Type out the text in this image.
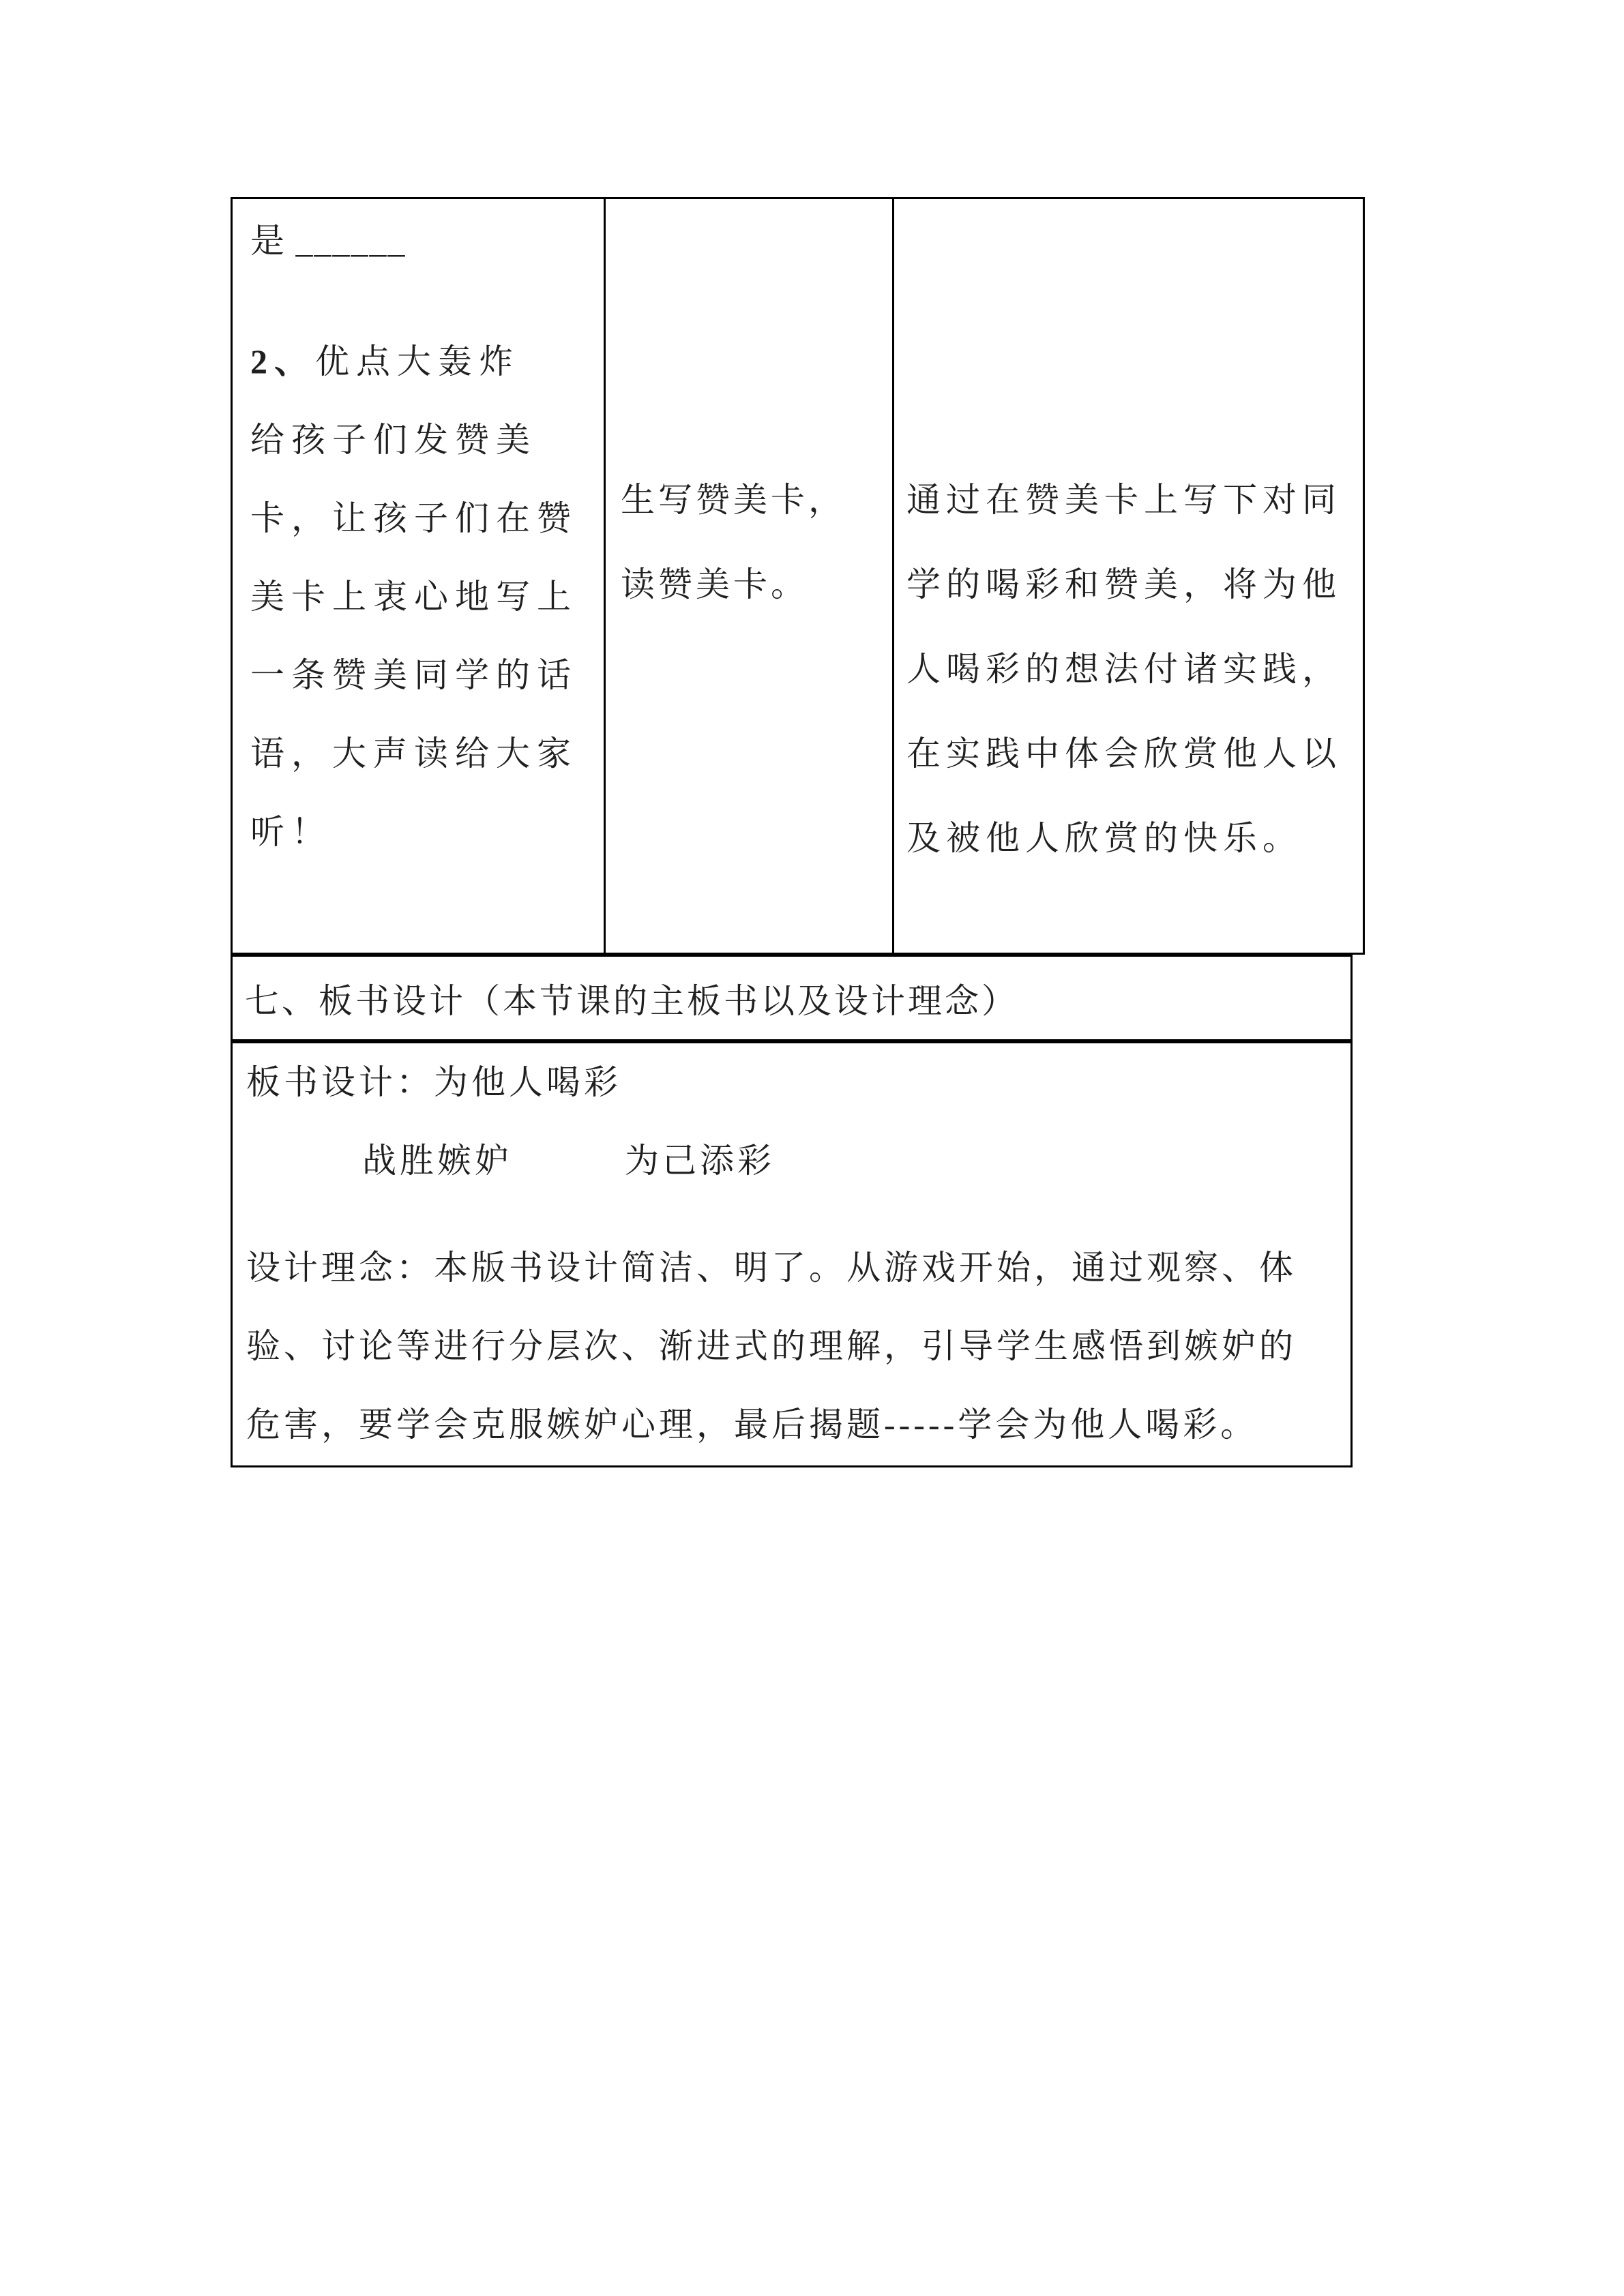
是 ______
2、优点大轰炸
给孩子们发赞美
卡，让孩子们在赞
美卡上衷心地写上
一条赞美同学的话
语，大声读给大家
听！
生写赞美卡，
读赞美卡。
通过在赞美卡上写下对同
学的喝彩和赞美，将为他
人喝彩的想法付诸实践，
在实践中体会欣赏他人以
及被他人欣赏的快乐。
七、板书设计（本节课的主板书以及设计理念）
板书设计：为他人喝彩
战胜嫉妒	为己添彩
设计理念：本版书设计简洁、明了。从游戏开始，通过观察、体
验、讨论等进行分层次、渐进式的理解，引导学生感悟到嫉妒的
危害，要学会克服嫉妒心理，最后揭题-----学会为他人喝彩。
